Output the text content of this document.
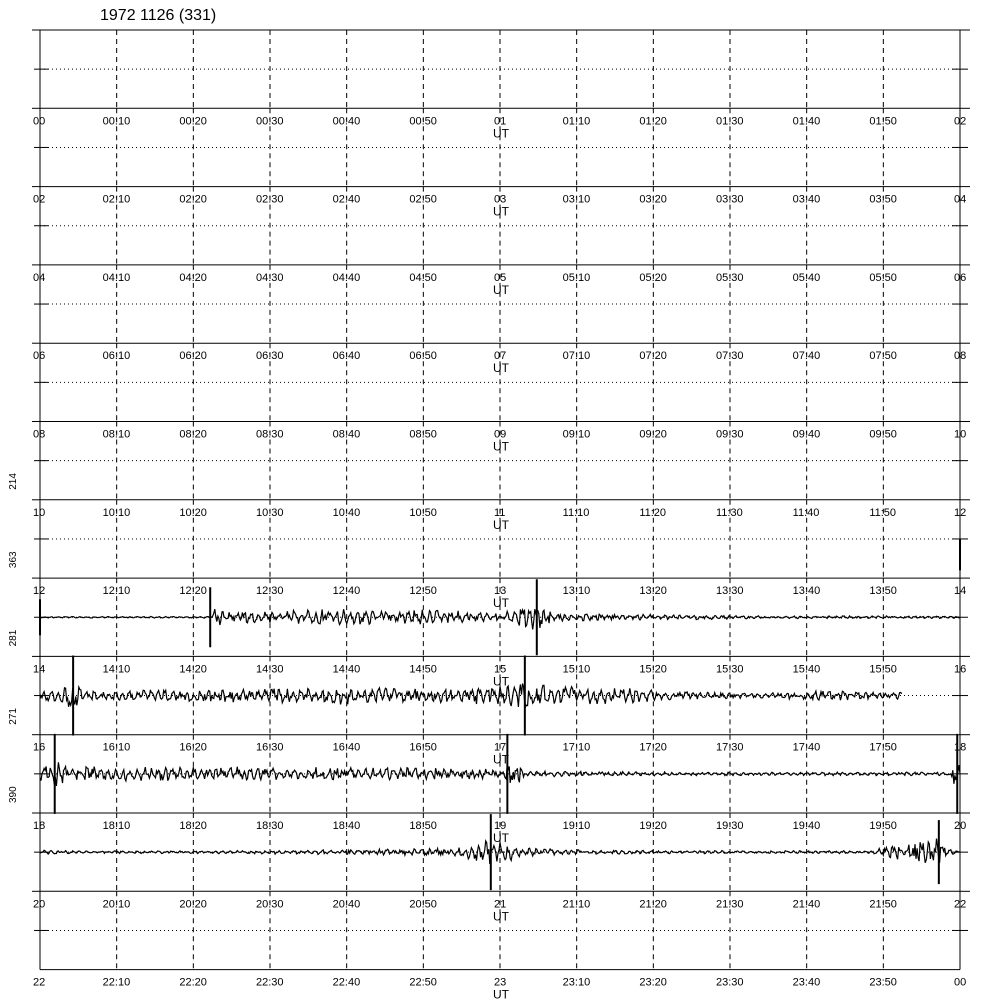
1972 1126 (331)
00	00:10	00:20	00:30	00:40	00:50	01	01:10	01:20	01:30	01:40	01:50	02
UT
02	02:10	02:20	02:30	02:40	02:50	03	03:10	03:20	03:30	03:40	03:50	04
UT
04	04:10	04:20	04:30	04:40	04:50	05	05:10	05:20	05:30	05:40	05:50	06
UT
06	06:10	06:20	06:30	06:40	06:50	07	07:10	07:20	07:30	07:40	07:50	08
UT
08	08:10	08:20	08:30	08:40	08:50	09	09:10	09:20	09:30	09:40	09:50	10
UT
10	10:10	10:20	10:30	10:40	10:50	11	11:10	11:20	11:30	11:40	11:50	12
UT
214
12	12:10	12:20	12:30	12:40	12:50	13	13:10	13:20	13:30	13:40	13:50	14
UT
363
14	14:10	14:20	14:30	14:40	14:50	15	15:10	15:20	15:30	15:40	15:50	16
UT
281
16	16:10	16:20	16:30	16:40	16:50	17	17:10	17:20	17:30	17:40	17:50	18
UT
271
18	18:10	18:20	18:30	18:40	18:50	19	19:10	19:20	19:30	19:40	19:50	20
UT
390
20	20:10	20:20	20:30	20:40	20:50	21	21:10	21:20	21:30	21:40	21:50	22
UT
22	22:10	22:20	22:30	22:40	22:50	23	23:10	23:20	23:30	23:40	23:50	00
UT
